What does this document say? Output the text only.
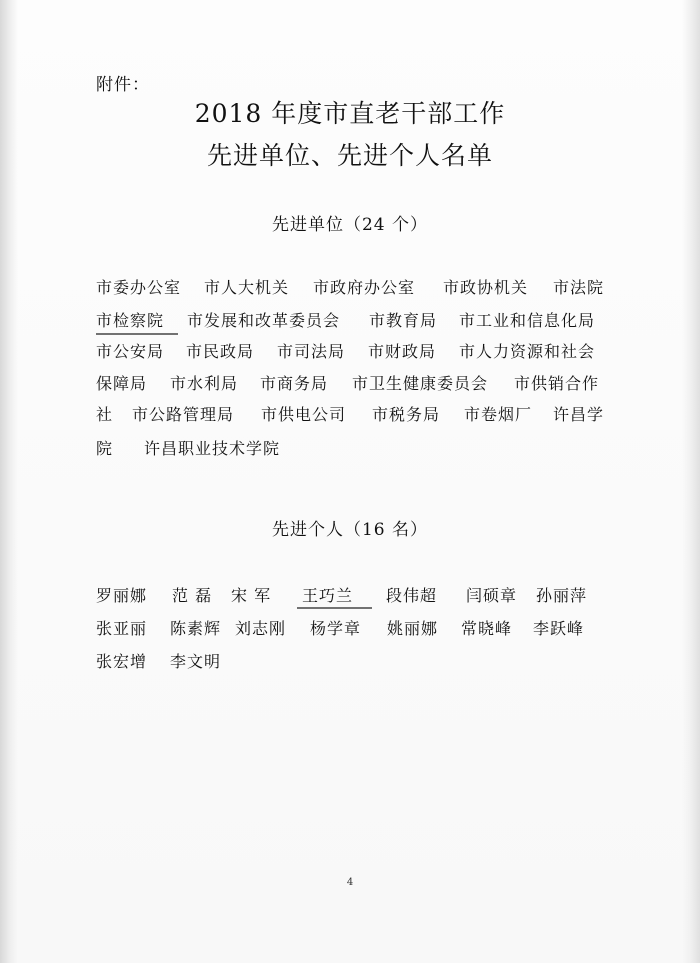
附件：
2018 年度市直老干部工作
先进单位、先进个人名单
先进单位（24 个）
市委办公室 市人大机关 市政府办公室 市政协机关 市法院
市检察院 市发展和改革委员会 市教育局 市工业和信息化局
市公安局 市民政局 市司法局 市财政局 市人力资源和社会
保障局 市水利局 市商务局 市卫生健康委员会 市供销合作
社 市公路管理局 市供电公司 市税务局 市卷烟厂 许昌学
院 许昌职业技术学院
先进个人（16 名）
罗丽娜 范 磊 宋 军 王巧兰 段伟超 闫硕章 孙丽萍
张亚丽 陈素辉 刘志刚 杨学章 姚丽娜 常晓峰 李跃峰
张宏增 李文明
4
